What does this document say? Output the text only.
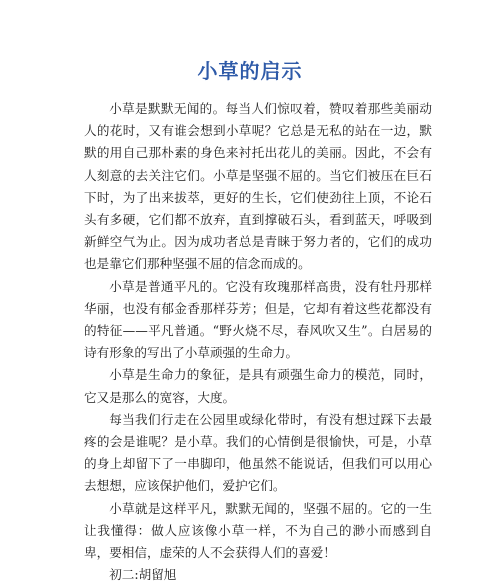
小草的启示

小草是默默无闻的。每当人们惊叹着，赞叹着那些美丽动人的花时，又有谁会想到小草呢？它总是无私的站在一边，默默的用自己那朴素的身色来衬托出花儿的美丽。因此，不会有人刻意的去关注它们。小草是坚强不屈的。当它们被压在巨石下时，为了出来拔萃，更好的生长，它们使劲往上顶，不论石头有多硬，它们都不放弃，直到撑破石头，看到蓝天，呼吸到新鲜空气为止。因为成功者总是青睐于努力者的，它们的成功也是靠它们那种坚强不屈的信念而成的。

小草是普通平凡的。它没有玫瑰那样高贵，没有牡丹那样华丽，也没有郁金香那样芬芳；但是，它却有着这些花都没有的特征——平凡普通。“野火烧不尽，春风吹又生”。白居易的诗有形象的写出了小草顽强的生命力。

小草是生命力的象征，是具有顽强生命力的模范，同时，它又是那么的宽容，大度。

每当我们行走在公园里或绿化带时，有没有想过踩下去最疼的会是谁呢？是小草。我们的心情倒是很愉快，可是，小草的身上却留下了一串脚印，他虽然不能说话，但我们可以用心去想想，应该保护他们，爱护它们。

小草就是这样平凡，默默无闻的，坚强不屈的。它的一生让我懂得：做人应该像小草一样，不为自己的渺小而感到自卑，要相信，虚荣的人不会获得人们的喜爱！

初二:胡留旭
